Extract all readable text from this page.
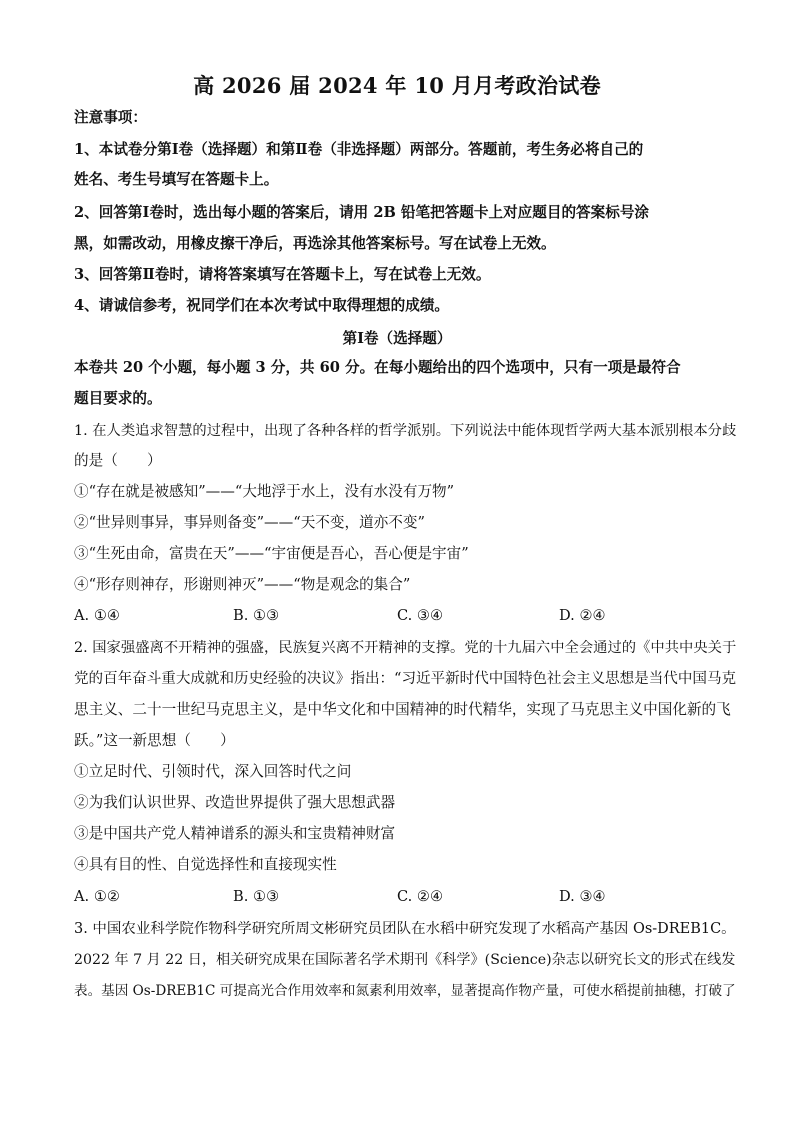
高 2026 届 2024 年 10 月月考政治试卷
注意事项：
1、本试卷分第Ⅰ卷（选择题）和第Ⅱ卷（非选择题）两部分。答题前，考生务必将自己的
姓名、考生号填写在答题卡上。
2、回答第Ⅰ卷时，选出每小题的答案后，请用 2B 铅笔把答题卡上对应题目的答案标号涂
黑，如需改动，用橡皮擦干净后，再选涂其他答案标号。写在试卷上无效。
3、回答第Ⅱ卷时，请将答案填写在答题卡上，写在试卷上无效。
4、请诚信参考，祝同学们在本次考试中取得理想的成绩。
第Ⅰ卷（选择题）
本卷共 20 个小题，每小题 3 分，共 60 分。在每小题给出的四个选项中，只有一项是最符合
题目要求的。
1. 在人类追求智慧的过程中，出现了各种各样的哲学派别。下列说法中能体现哲学两大基本派别根本分歧
的是（　　）
①“存在就是被感知”——“大地浮于水上，没有水没有万物”
②“世异则事异，事异则备变”——“天不变，道亦不变”
③“生死由命，富贵在天”——“宇宙便是吾心，吾心便是宇宙”
④“形存则神存，形谢则神灭”——“物是观念的集合”
A. ①④	B. ①③	C. ③④	D. ②④
2. 国家强盛离不开精神的强盛，民族复兴离不开精神的支撑。党的十九届六中全会通过的《中共中央关于
党的百年奋斗重大成就和历史经验的决议》指出：“习近平新时代中国特色社会主义思想是当代中国马克
思主义、二十一世纪马克思主义，是中华文化和中国精神的时代精华，实现了马克思主义中国化新的飞
跃。”这一新思想（　　）
①立足时代、引领时代，深入回答时代之问
②为我们认识世界、改造世界提供了强大思想武器
③是中国共产党人精神谱系的源头和宝贵精神财富
④具有目的性、自觉选择性和直接现实性
A. ①②	B. ①③	C. ②④	D. ③④
3. 中国农业科学院作物科学研究所周文彬研究员团队在水稻中研究发现了水稻高产基因 Os-DREB1C。
2022 年 7 月 22 日，相关研究成果在国际著名学术期刊《科学》(Science)杂志以研究长文的形式在线发
表。基因 Os-DREB1C 可提高光合作用效率和氮素利用效率，显著提高作物产量，可使水稻提前抽穗，打破了
